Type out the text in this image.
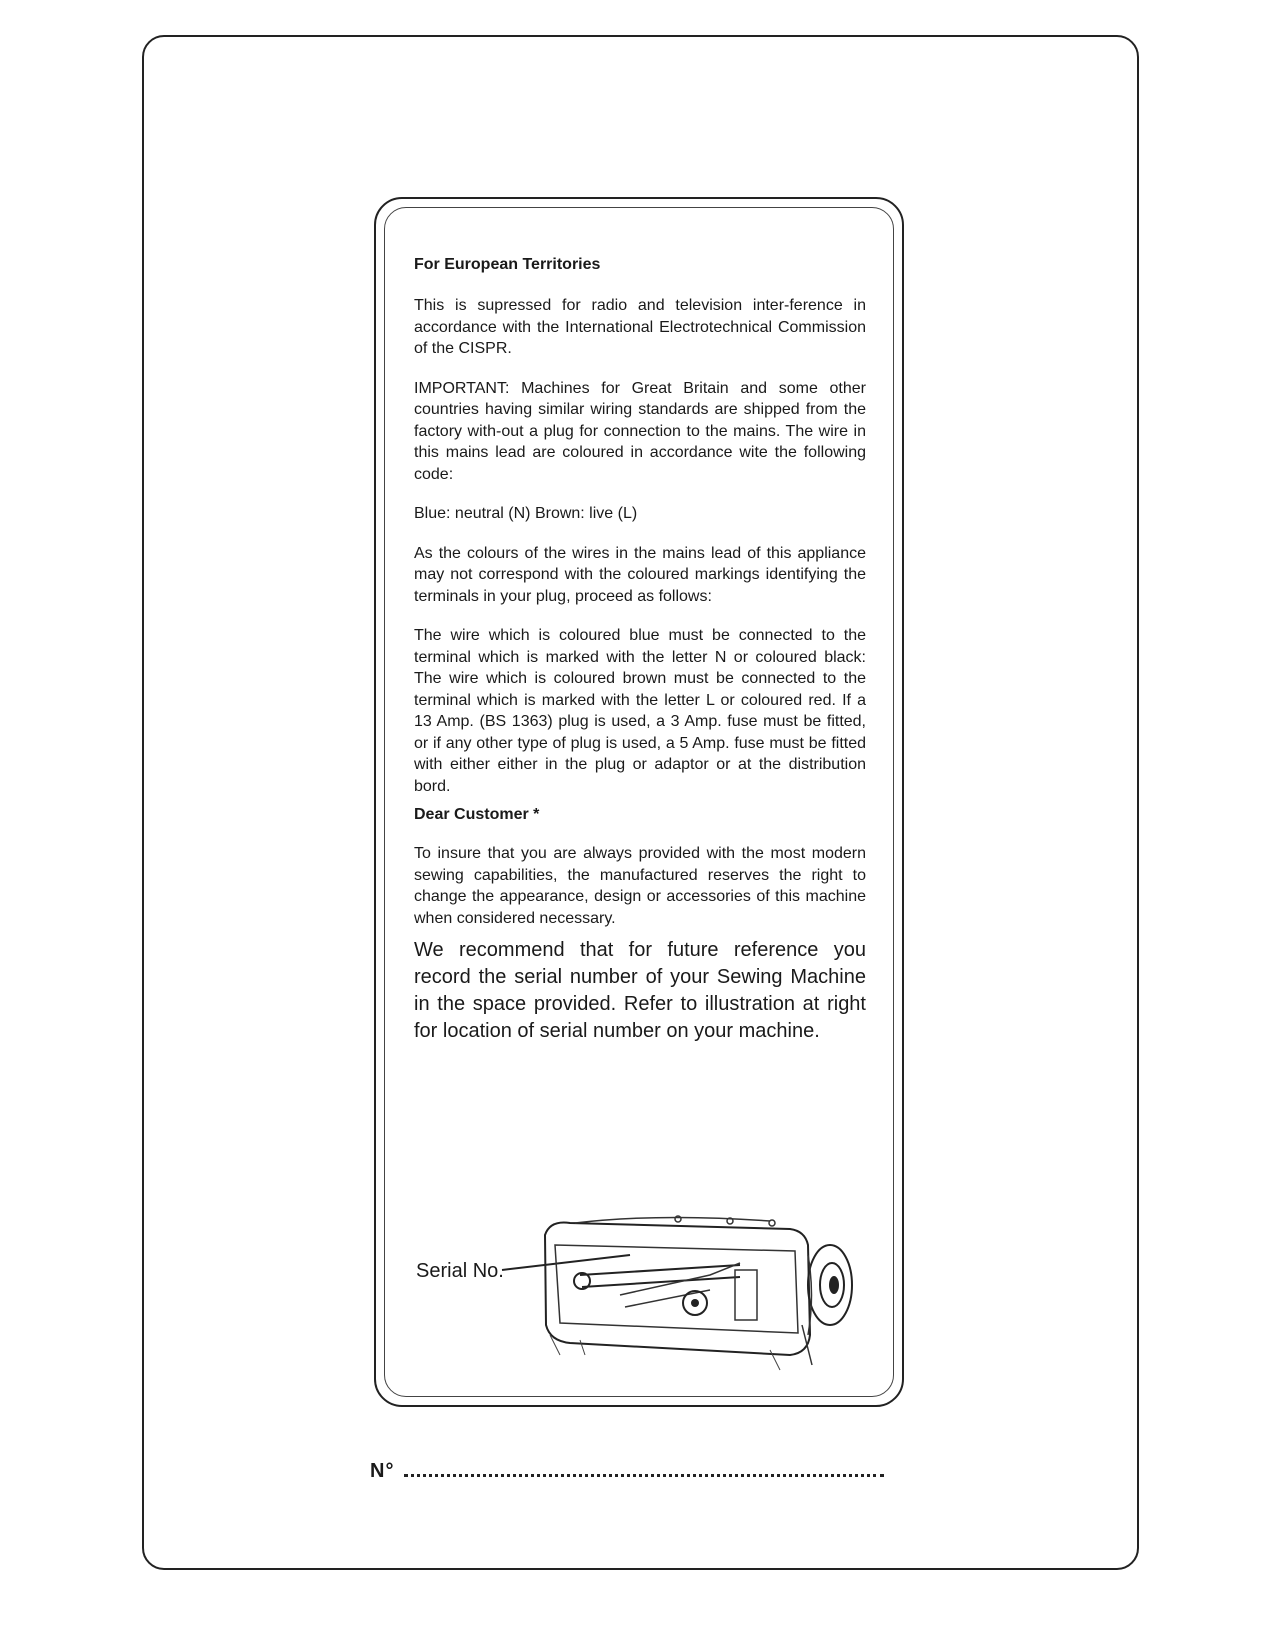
For European Territories

This is supressed for radio and television inter-ference in accordance with the International Electrotechnical Commission of the CISPR.

IMPORTANT: Machines for Great Britain and some other countries having similar wiring standards are shipped from the factory with-out a plug for connection to the mains. The wire in this mains lead are coloured in accordance wite the following code:

Blue: neutral (N) Brown: live (L)

As the colours of the wires in the mains lead of this appliance may not correspond with the coloured markings identifying the terminals in your plug, proceed as follows:

The wire which is coloured blue must be connected to the terminal which is marked with the letter N or coloured black: The wire which is coloured brown must be connected to the terminal which is marked with the letter L or coloured red. If a 13 Amp. (BS 1363) plug is used, a 3 Amp. fuse must be fitted, or if any other type of plug is used, a 5 Amp. fuse must be fitted with either either in the plug or adaptor or at the distribution bord.

Dear Customer *

To insure that you are always provided with the most modern sewing capabilities, the manufactured reserves the right to change the appearance, design or accessories of this machine when considered necessary.

We recommend that for future reference you record the serial number of your Sewing Machine in the space provided. Refer to illustration at right for location of serial number on your machine.

Serial No.
N°
